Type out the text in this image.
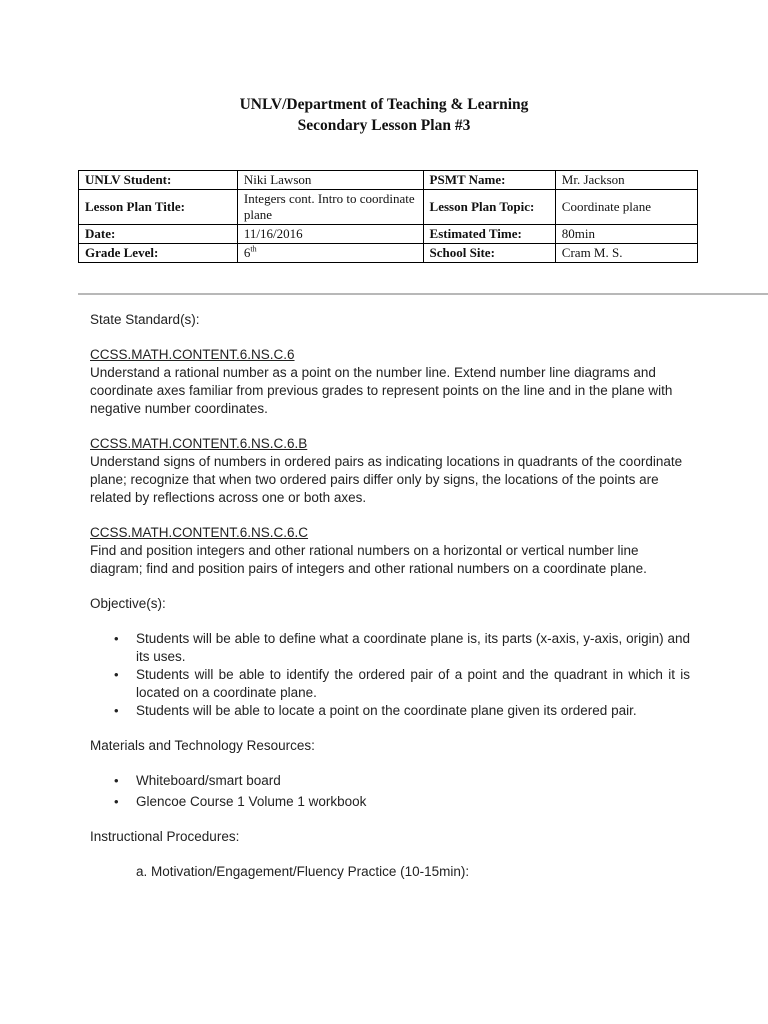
UNLV/Department of Teaching & Learning
Secondary Lesson Plan #3
UNLV Student:	Niki Lawson	PSMT Name:	Mr. Jackson
Lesson Plan Title:	Integers cont. Intro to coordinate plane	Lesson Plan Topic:	Coordinate plane
Date:	11/16/2016	Estimated Time:	80min
Grade Level:	6th	School Site:	Cram M. S.

State Standard(s):

CCSS.MATH.CONTENT.6.NS.C.6

Understand a rational number as a point on the number line. Extend number line diagrams and coordinate axes familiar from previous grades to represent points on the line and in the plane with negative number coordinates.

CCSS.MATH.CONTENT.6.NS.C.6.B

Understand signs of numbers in ordered pairs as indicating locations in quadrants of the coordinate plane; recognize that when two ordered pairs differ only by signs, the locations of the points are related by reflections across one or both axes.

CCSS.MATH.CONTENT.6.NS.C.6.C

Find and position integers and other rational numbers on a horizontal or vertical number line diagram; find and position pairs of integers and other rational numbers on a coordinate plane.

Objective(s):

• Students will be able to define what a coordinate plane is, its parts (x-axis, y-axis, origin) and its uses.
• Students will be able to identify the ordered pair of a point and the quadrant in which it is located on a coordinate plane.
• Students will be able to locate a point on the coordinate plane given its ordered pair.

Materials and Technology Resources:

• Whiteboard/smart board
• Glencoe Course 1 Volume 1 workbook

Instructional Procedures:

a. Motivation/Engagement/Fluency Practice (10-15min):
